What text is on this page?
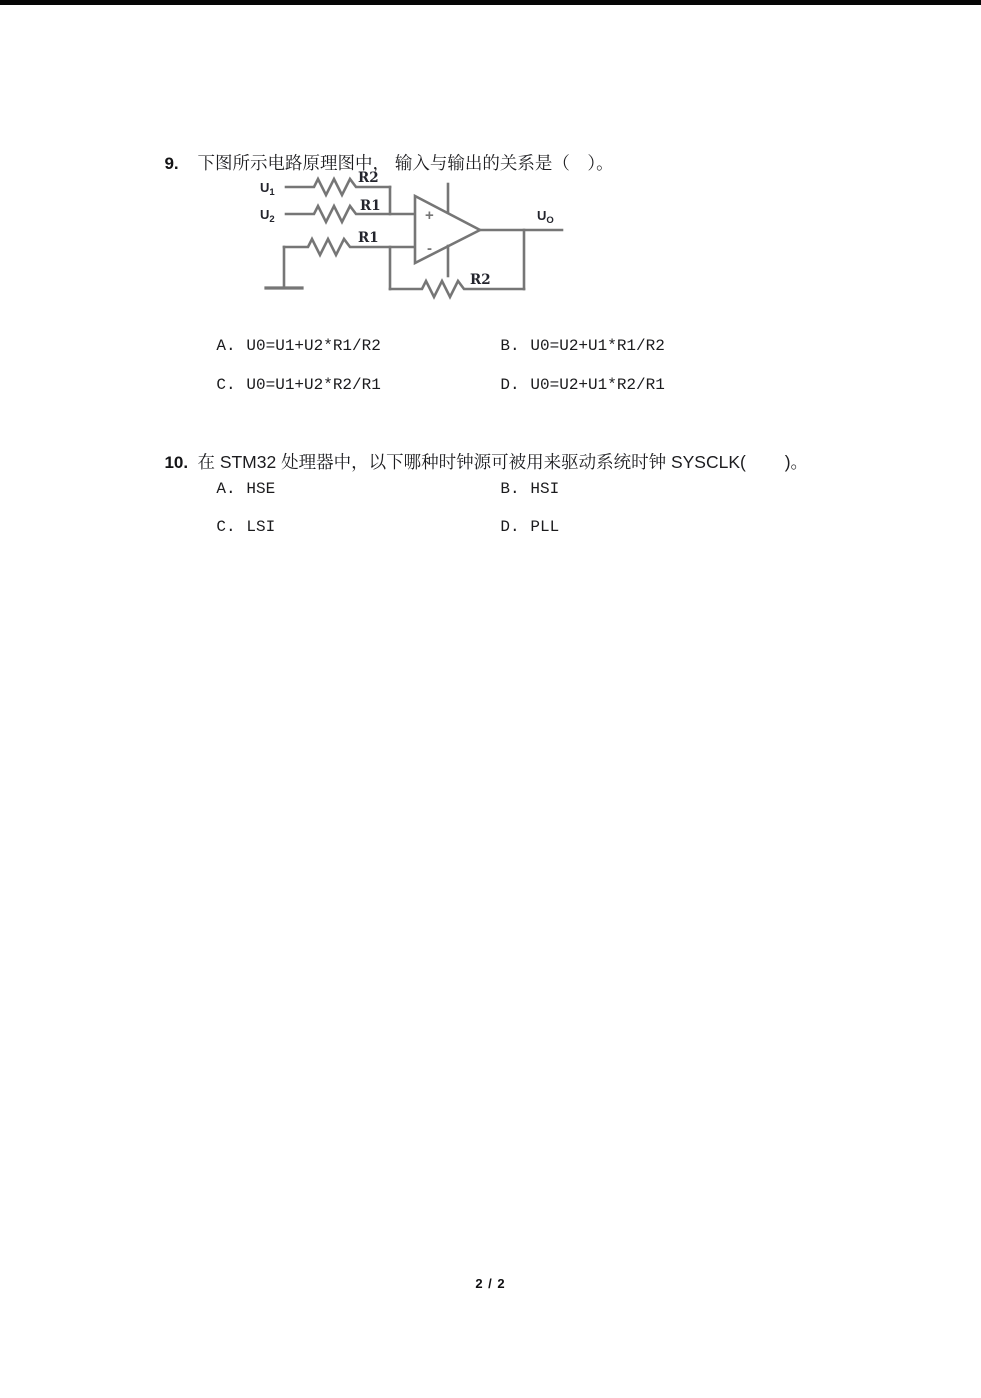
9. 下图所示电路原理图中， 输入与输出的关系是（　）。

$U_1$
$U_2$
R2
R1
R1
R2
$U_O$
+
-

A. U0=U1+U2*R1/R2
	B. U0=U2+U1*R1/R2

C. U0=U1+U2*R2/R1
	D. U0=U2+U1*R2/R1

10. 在 STM32 处理器中，以下哪种时钟源可被用来驱动系统时钟 SYSCLK(        )。

A. HSE
	B. HSI

C. LSI
	D. PLL

2 / 2
